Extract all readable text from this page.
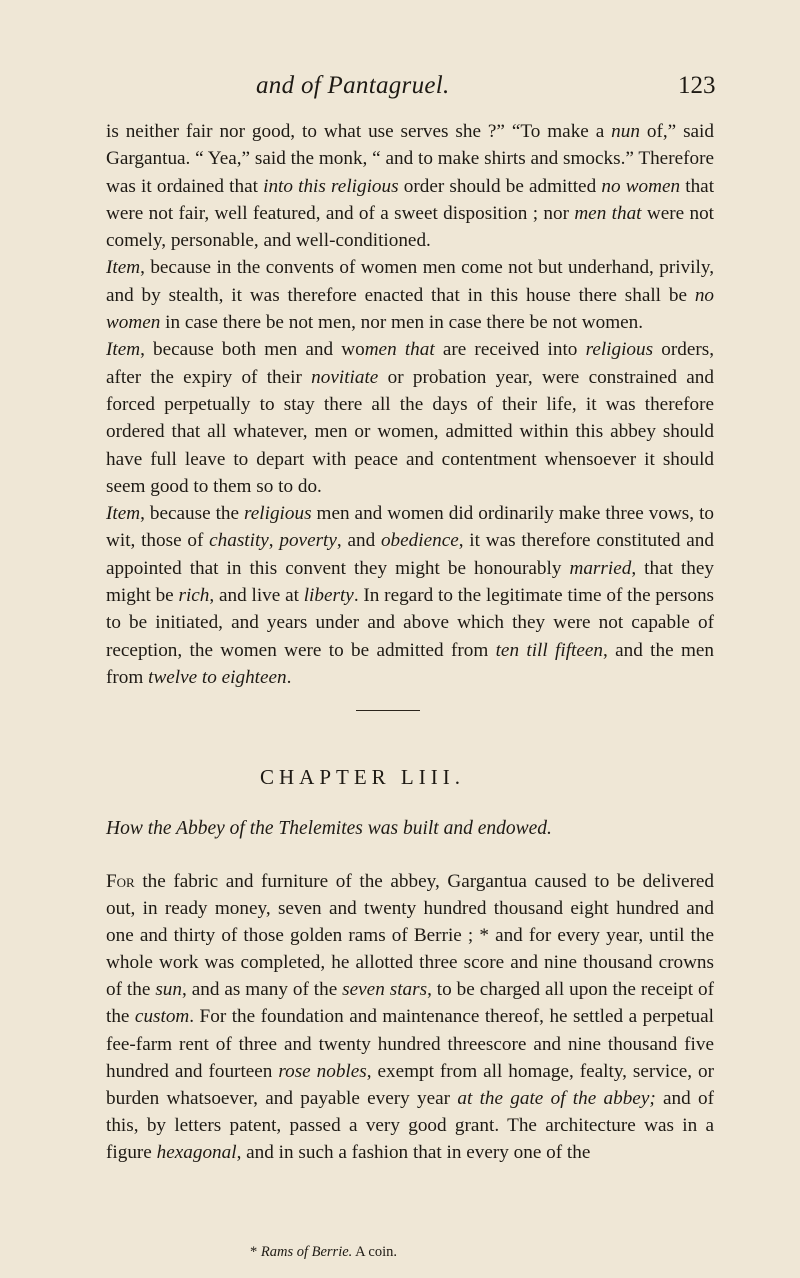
and of Pantagruel.	123

is neither fair nor good, to what use serves she ?” “To make a nun of,” said Gargantua. “ Yea,” said the monk, “ and to make shirts and smocks.” Therefore was it ordained that into this religious order should be admitted no women that were not fair, well featured, and of a sweet disposition ; nor men that were not comely, personable, and well-conditioned.

Item, because in the convents of women men come not but underhand, privily, and by stealth, it was therefore enacted that in this house there shall be no women in case there be not men, nor men in case there be not women.

Item, because both men and women that are received into religious orders, after the expiry of their novitiate or probation year, were constrained and forced perpetually to stay there all the days of their life, it was therefore ordered that all whatever, men or women, admitted within this abbey should have full leave to depart with peace and contentment whensoever it should seem good to them so to do.

Item, because the religious men and women did ordinarily make three vows, to wit, those of chastity, poverty, and obedience, it was therefore constituted and appointed that in this convent they might be honourably married, that they might be rich, and live at liberty. In regard to the legitimate time of the persons to be initiated, and years under and above which they were not capable of reception, the women were to be admitted from ten till fifteen, and the men from twelve to eighteen.

CHAPTER LIII.
How the Abbey of the Thelemites was built and endowed.

For the fabric and furniture of the abbey, Gargantua caused to be delivered out, in ready money, seven and twenty hundred thousand eight hundred and one and thirty of those golden rams of Berrie ; * and for every year, until the whole work was completed, he allotted three score and nine thousand crowns of the sun, and as many of the seven stars, to be charged all upon the receipt of the custom. For the foundation and maintenance thereof, he settled a perpetual fee-farm rent of three and twenty hundred threescore and nine thousand five hundred and fourteen rose nobles, exempt from all homage, fealty, service, or burden whatsoever, and payable every year at the gate of the abbey; and of this, by letters patent, passed a very good grant. The architecture was in a figure hexagonal, and in such a fashion that in every one of the

* Rams of Berrie. A coin.
